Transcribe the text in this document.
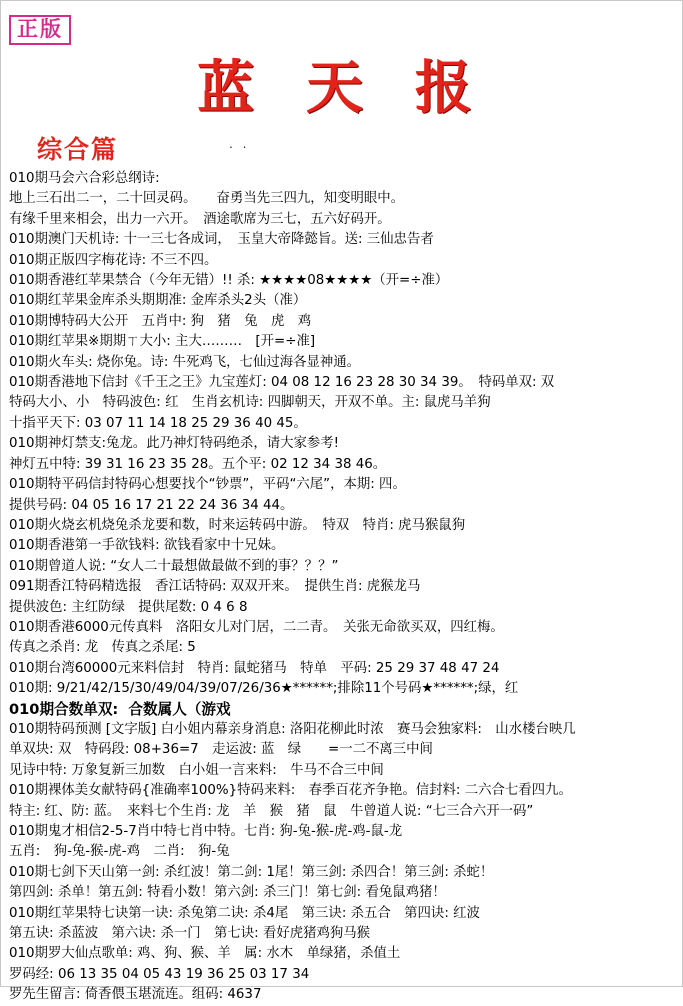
正版
蓝 天 报
. .
综合篇
010期马会六合彩总纲诗:
地上三石出二一，二十回灵码。　　奋勇当先三四九，知变明眼中。
有缘千里来相会，出力一六开。　酒途歌席为三七，五六好码开。
010期澳门天机诗: 十一三七各成词，　玉皇大帝降懿旨。送: 三仙忠告者
010期正版四字梅花诗: 不三不四。
010期香港红苹果禁合（今年无错）!! 杀: ★★★★08★★★★（开=÷准）
010期红苹果金库杀头期期准: 金库杀头2头（准）
010期博特码大公开　五肖中: 狗　猪　兔　虎　鸡
010期红苹果※期期ㄒ大小: 主大………　[开=÷准]
010期火车头: 烧你兔。诗: 牛死鸡飞，七仙过海各显神通。
010期香港地下信封《千王之王》九宝莲灯: 04 08 12 16 23 28 30 34 39。　特码单双: 双
特码大小、小　特码波色: 红　生肖玄机诗: 四脚朝天，开双不单。主: 鼠虎马羊狗
十指平天下: 03 07 11 14 18 25 29 36 40 45。
010期神灯禁支:兔龙。此乃神灯特码绝杀，请大家参考!
神灯五中特: 39 31 16 23 35 28。五个平: 02 12 34 38 46。
010期特平码信封特码心想要找个“钞票”，平码“六尾”，本期: 四。
提供号码: 04 05 16 17 21 22 24 36 34 44。
010期火烧玄机烧兔杀龙要和数，时来运转码中游。　特双　特肖: 虎马猴鼠狗
010期香港第一手欲钱料: 欲钱看家中十兄妹。
010期曾道人说: “女人二十最想做最做不到的事？？？”
091期香江特码精选报　香江话特码: 双双开来。　提供生肖: 虎猴龙马
提供波色: 主红防绿　提供尾数: 0 4 6 8
010期香港6000元传真料　洛阳女儿对门居，二二青。　关张无命欲买双，四红梅。
传真之杀肖: 龙　传真之杀尾: 5
010期台湾60000元来料信封　特肖: 鼠蛇猪马　特单　平码: 25 29 37 48 47 24
010期: 9/21/42/15/30/49/04/39/07/26/36★******;排除11个号码★******;绿，红
010期合数单双:  合数属人（游戏
010期特码预测 [文字版] 白小姐内幕亲身消息: 洛阳花柳此时浓　赛马会独家料:　山水楼台映几
单双块: 双　特码段: 08+36=7　走运波: 蓝　绿　　=一二不离三中间
见诗中特: 万象复新三加数　白小姐一言来料:　牛马不合三中间
010期裸体美女献特码{准确率100%}特码来料:　春季百花齐争艳。信封料: 二六合七看四九。
特主: 红、防: 蓝。　来料七个生肖: 龙　羊　猴　猪　鼠　牛曾道人说: “七三合六开一码”
010期鬼才相信2-5-7肖中特七肖中特。七肖: 狗-兔-猴-虎-鸡-鼠-龙
五肖:　狗-兔-猴-虎-鸡　二肖:　狗-兔
010期七剑下天山第一剑: 杀红波！第二剑: 1尾！第三剑: 杀四合！第三剑: 杀蛇！
第四剑: 杀单！第五剑: 特看小数！第六剑: 杀三门！第七剑: 看兔鼠鸡猪！
010期红苹果特七诀第一诀: 杀兔第二诀: 杀4尾　第三诀: 杀五合　第四诀: 红波
第五诀: 杀蓝波　第六诀: 杀一门　第七诀: 看好虎猪鸡狗马猴
010期罗大仙点歌单: 鸡、狗、猴、羊　属: 水木　单绿猪，杀值土
罗码经: 06 13 35 04 05 43 19 36 25 03 17 34
罗先生留言: 倚香偎玉堪流连。组码: 4637
